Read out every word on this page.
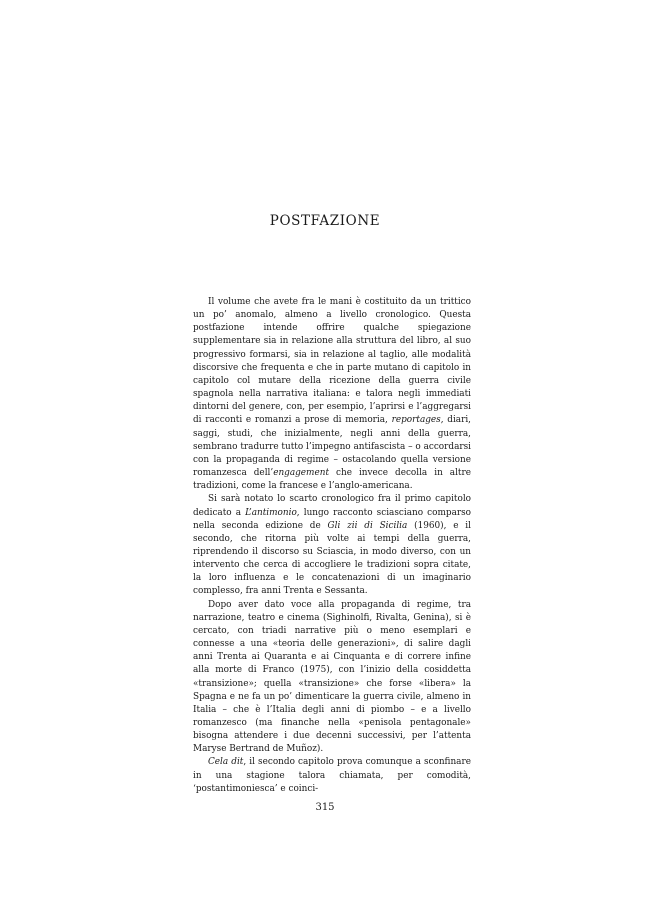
POSTFAZIONE

Il volume che avete fra le mani è costituito da un trittico un po’ anomalo, almeno a livello cronologico. Questa postfazione intende offrire qualche spiegazione supplementare sia in relazione alla struttura del libro, al suo progressivo formarsi, sia in relazione al taglio, alle modalità discorsive che frequenta e che in parte mutano di capitolo in capitolo col mutare della ricezione della guerra civile spagnola nella narrativa italiana: e talora negli immediati dintorni del genere, con, per esempio, l’aprirsi e l’aggregarsi di racconti e romanzi a prose di memoria, reportages, diari, saggi, studi, che inizialmente, negli anni della guerra, sembrano tradurre tutto l’impegno antifascista – o accordarsi con la propaganda di regime – ostacolando quella versione romanzesca dell’engagement che invece decolla in altre tradizioni, come la francese e l’anglo-americana.

Si sarà notato lo scarto cronologico fra il primo capitolo dedicato a L’antimonio, lungo racconto sciasciano comparso nella seconda edizione de Gli zii di Sicilia (1960), e il secondo, che ritorna più volte ai tempi della guerra, riprendendo il discorso su Sciascia, in modo diverso, con un intervento che cerca di accogliere le tradizioni sopra citate, la loro influenza e le concatenazioni di un imaginario complesso, fra anni Trenta e Sessanta.

Dopo aver dato voce alla propaganda di regime, tra narrazione, teatro e cinema (Sighinolfi, Rivalta, Genina), si è cercato, con triadi narrative più o meno esemplari e connesse a una «teoria delle generazioni», di salire dagli anni Trenta ai Quaranta e ai Cinquanta e di correre infine alla morte di Franco (1975), con l’inizio della cosiddetta «transizione»; quella «transizione» che forse «libera» la Spagna e ne fa un po’ dimenticare la guerra civile, almeno in Italia – che è l’Italia degli anni di piombo – e a livello romanzesco (ma finanche nella «penisola pentagonale» bisogna attendere i due decenni successivi, per l’attenta Maryse Bertrand de Muñoz).

Cela dit, il secondo capitolo prova comunque a sconfinare in una stagione talora chiamata, per comodità, ‘postantimoniesca’ e coinci-

315
